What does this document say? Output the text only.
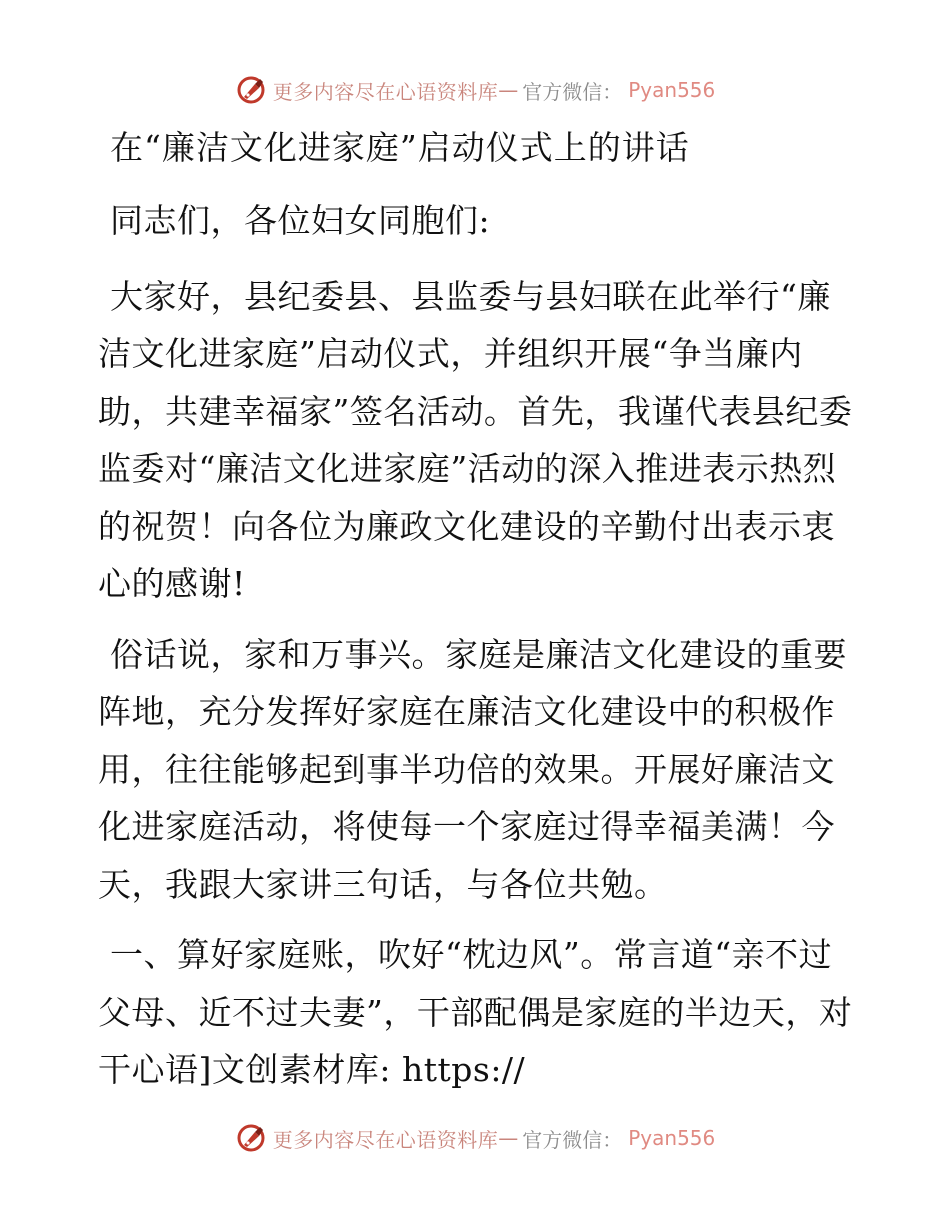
更多内容尽在心语资料库 — 官方微信 ： Pyan556
在“廉洁文化进家庭”启动仪式上的讲话

同志们，各位妇女同胞们:

大家好，县纪委县、县监委与县妇联在此举行“廉洁文化进家庭”启动仪式，并组织开展“争当廉内助，共建幸福家”签名活动。首先，我谨代表县纪委监委对“廉洁文化进家庭”活动的深入推进表示热烈的祝贺！向各位为廉政文化建设的辛勤付出表示衷心的感谢!

俗话说，家和万事兴。家庭是廉洁文化建设的重要阵地，充分发挥好家庭在廉洁文化建设中的积极作用，往往能够起到事半功倍的效果。开展好廉洁文化进家庭活动，将使每一个家庭过得幸福美满！今天，我跟大家讲三句话，与各位共勉。

一、算好家庭账，吹好“枕边风”。常言道“亲不过父母、近不过夫妻”，干部配偶是家庭的半边天，对干心语]文创素材库: https://

更多内容尽在心语资料库 — 官方微信 ： Pyan556
